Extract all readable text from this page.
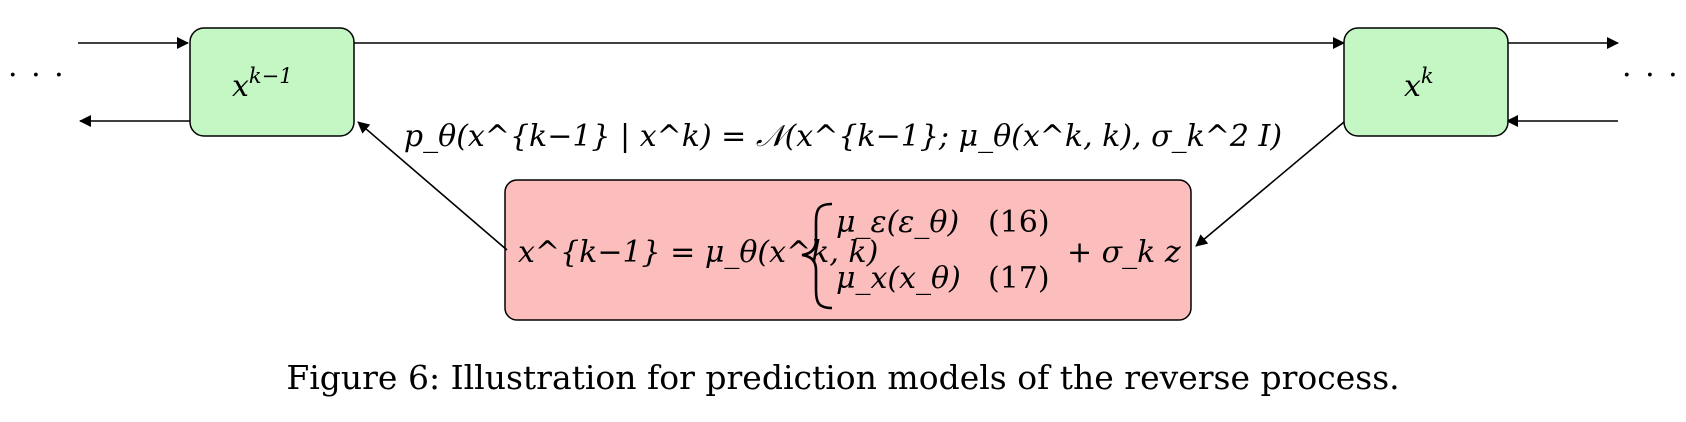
· · ·	· · ·
$x^{k-1}$	$x^k$
p_θ(x^{k−1} | x^k) = 𝒩(x^{k−1}; μ_θ(x^k, k), σ_k^2 I)
x^{k−1} = μ_θ(x^k, k)
μ_ε(ε_θ) (16)
μ_x(x_θ) (17)
+ σ_k z
Figure 6: Illustration for prediction models of the reverse process.
